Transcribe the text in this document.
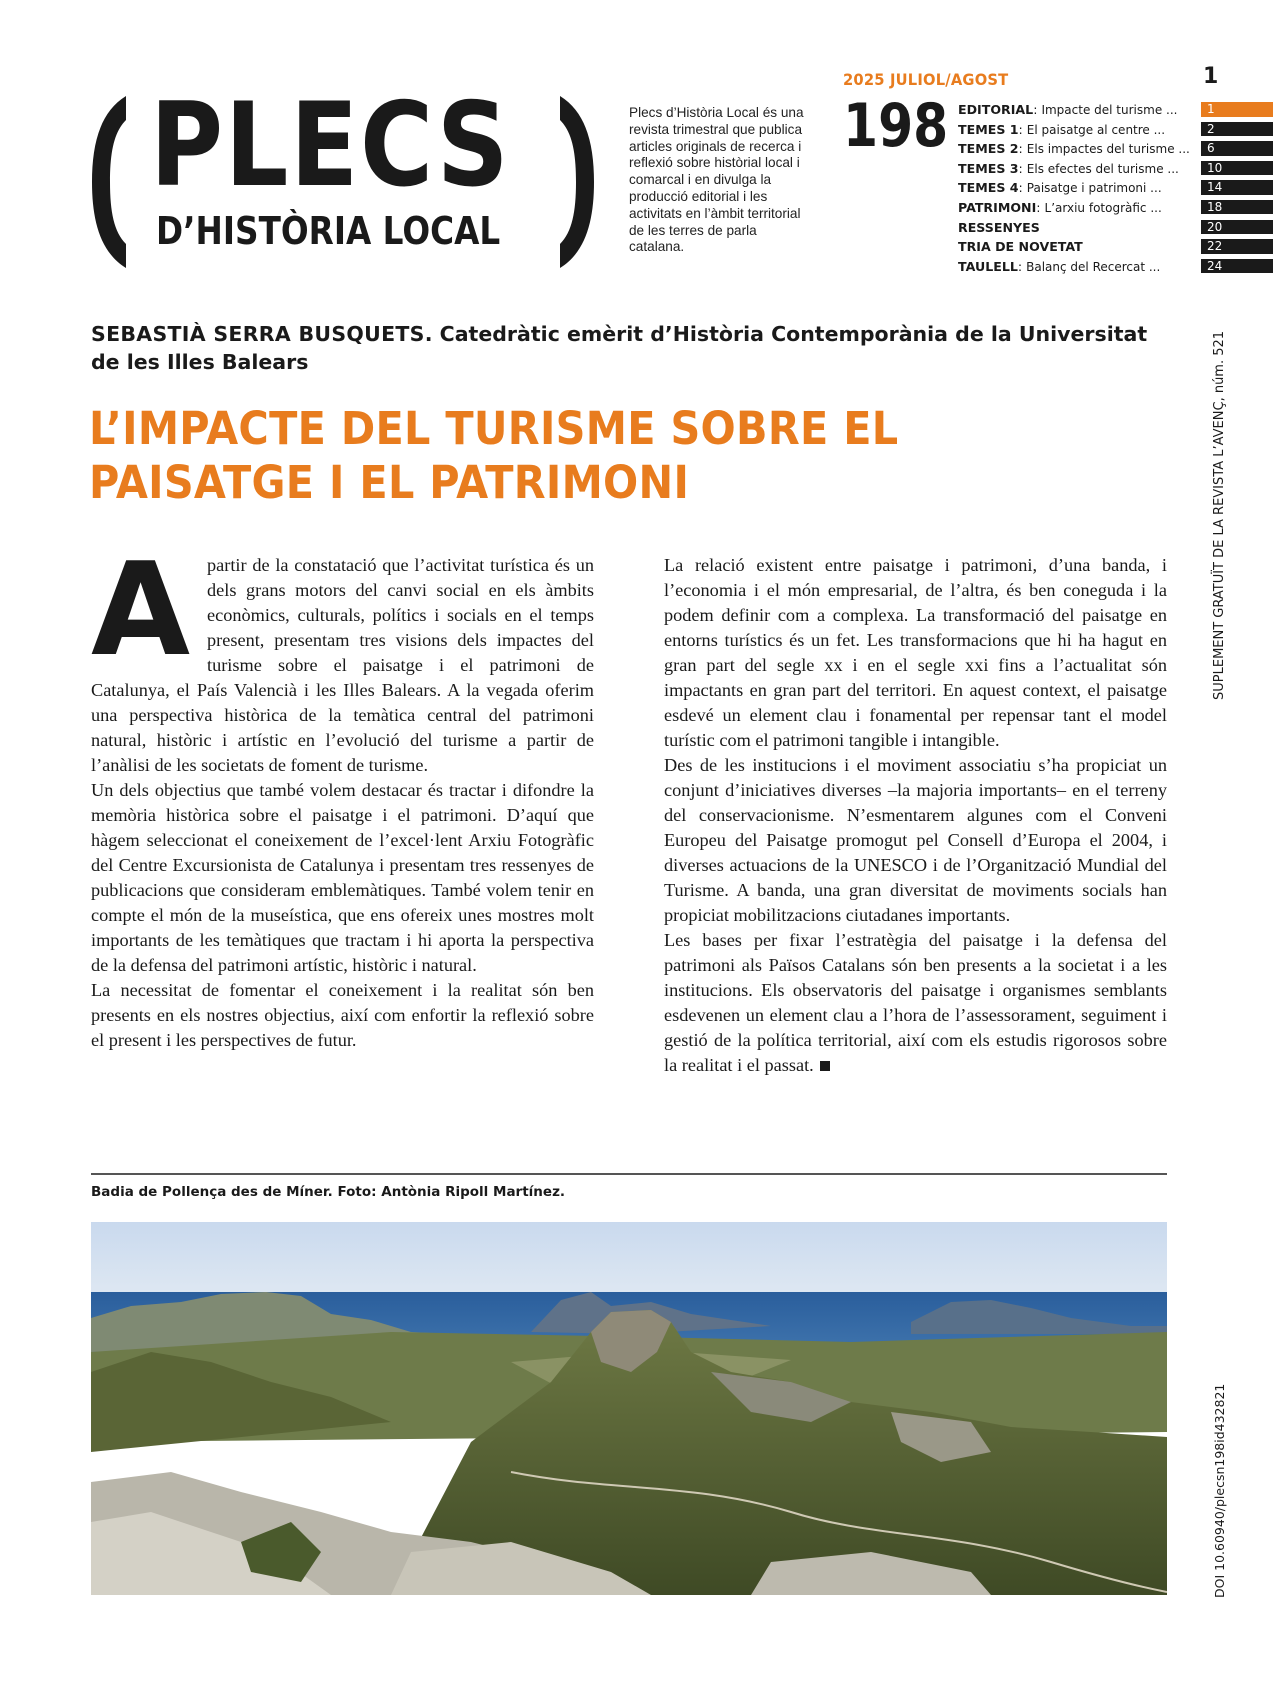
PLECS
D’HISTÒRIA LOCAL
Plecs d’Història Local és una revista trimestral que publica articles originals de recerca i reflexió sobre històrial local i comarcal i en divulga la producció editorial i les activitats en l’àmbit territorial de les terres de parla catalana.
2025 JULIOL/AGOST	1
198 EDITORIAL: Impacte del turisme ...	1
TEMES 1: El paisatge al centre ...	2
TEMES 2: Els impactes del turisme ...	6
TEMES 3: Els efectes del turisme ...	10
TEMES 4: Paisatge i patrimoni ...	14
PATRIMONI: L’arxiu fotogràfic ...	18
RESSENYES	20
TRIA DE NOVETAT	22
TAULELL: Balanç del Recercat ...	24
SEBASTIÀ SERRA BUSQUETS. Catedràtic emèrit d’Història Contemporània de la Universitat de les Illes Balears
L’IMPACTE DEL TURISME SOBRE EL PAISATGE I EL PATRIMONI
A partir de la constatació que l’activitat turística és un dels grans motors del canvi social en els àmbits econòmics, culturals, polítics i socials en el temps present, presentam tres visions dels impactes del turisme sobre el paisatge i el patrimoni de Catalunya, el País Valencià i les Illes Balears. A la vegada oferim una perspectiva històrica de la temàtica central del patrimoni natural, històric i artístic en l’evolució del turisme a partir de l’anàlisi de les societats de foment de turisme.

Un dels objectius que també volem destacar és tractar i difondre la memòria històrica sobre el paisatge i el patrimoni. D’aquí que hàgem seleccionat el coneixement de l’excel·lent Arxiu Fotogràfic del Centre Excursionista de Catalunya i presentam tres ressenyes de publicacions que consideram emblemàtiques. També volem tenir en compte el món de la museística, que ens ofereix unes mostres molt importants de les temàtiques que tractam i hi aporta la perspectiva de la defensa del patrimoni artístic, històric i natural.

La necessitat de fomentar el coneixement i la realitat són ben presents en els nostres objectius, així com enfortir la reflexió sobre el present i les perspectives de futur.

La relació existent entre paisatge i patrimoni, d’una banda, i l’economia i el món empresarial, de l’altra, és ben coneguda i la podem definir com a complexa. La transformació del paisatge en entorns turístics és un fet. Les transformacions que hi ha hagut en gran part del segle xx i en el segle xxi fins a l’actualitat són impactants en gran part del territori. En aquest context, el paisatge esdevé un element clau i fonamental per repensar tant el model turístic com el patrimoni tangible i intangible.

Des de les institucions i el moviment associatiu s’ha propiciat un conjunt d’iniciatives diverses –la majoria importants– en el terreny del conservacionisme. N’esmentarem algunes com el Conveni Europeu del Paisatge promogut pel Consell d’Europa el 2004, i diverses actuacions de la UNESCO i de l’Organització Mundial del Turisme. A banda, una gran diversitat de moviments socials han propiciat mobilitzacions ciutadanes importants.

Les bases per fixar l’estratègia del paisatge i la defensa del patrimoni als Països Catalans són ben presents a la societat i a les institucions. Els observatoris del paisatge i organismes semblants esdevenen un element clau a l’hora de l’assessorament, seguiment i gestió de la política territorial, així com els estudis rigorosos sobre la realitat i el passat.

SUPLEMENT GRATUÏT DE LA REVISTA L’AVENÇ, núm. 521
DOI 10.60940/plecsn198id432821
Badia de Pollença des de Míner. Foto: Antònia Ripoll Martínez.
